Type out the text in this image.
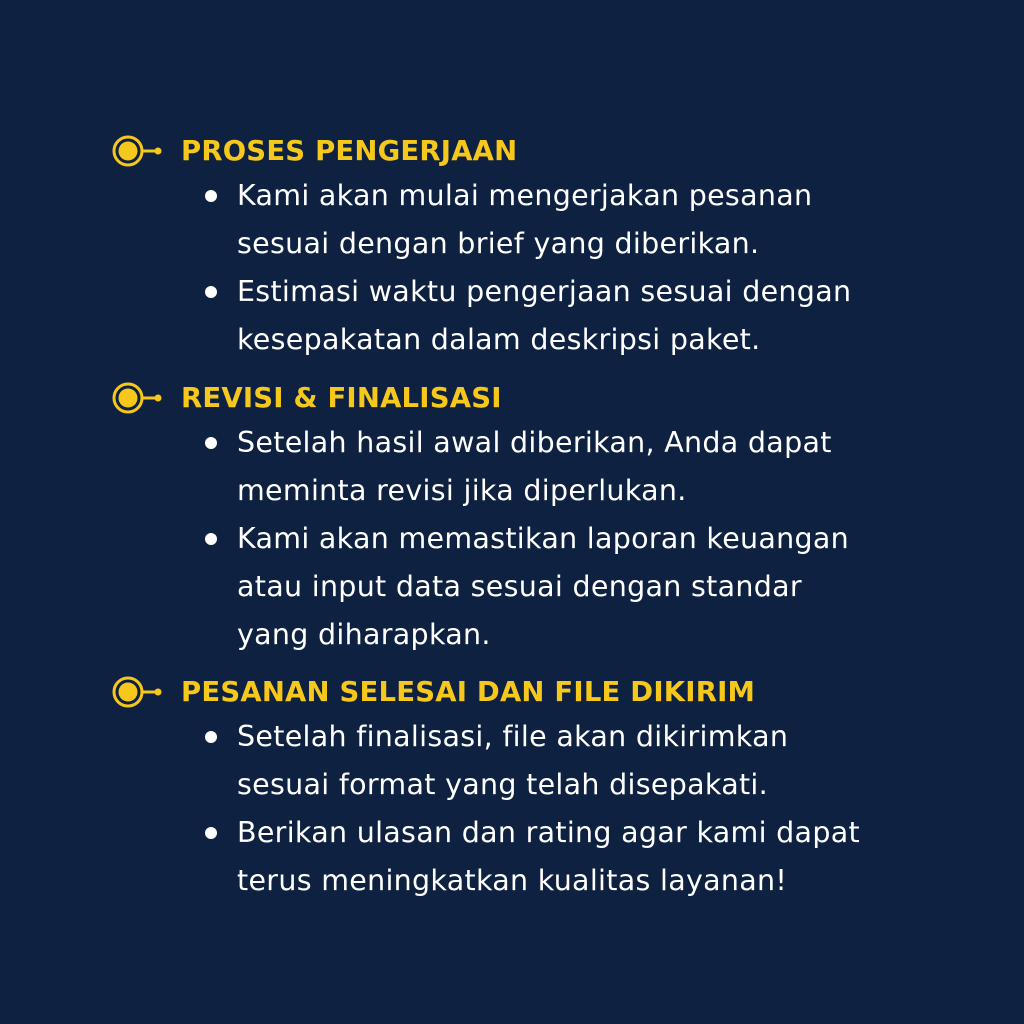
PROSES PENGERJAAN
Kami akan mulai mengerjakan pesanan
sesuai dengan brief yang diberikan.
Estimasi waktu pengerjaan sesuai dengan
kesepakatan dalam deskripsi paket.
REVISI & FINALISASI
Setelah hasil awal diberikan, Anda dapat
meminta revisi jika diperlukan.
Kami akan memastikan laporan keuangan
atau input data sesuai dengan standar
yang diharapkan.
PESANAN SELESAI DAN FILE DIKIRIM
Setelah finalisasi, file akan dikirimkan
sesuai format yang telah disepakati.
Berikan ulasan dan rating agar kami dapat
terus meningkatkan kualitas layanan!
